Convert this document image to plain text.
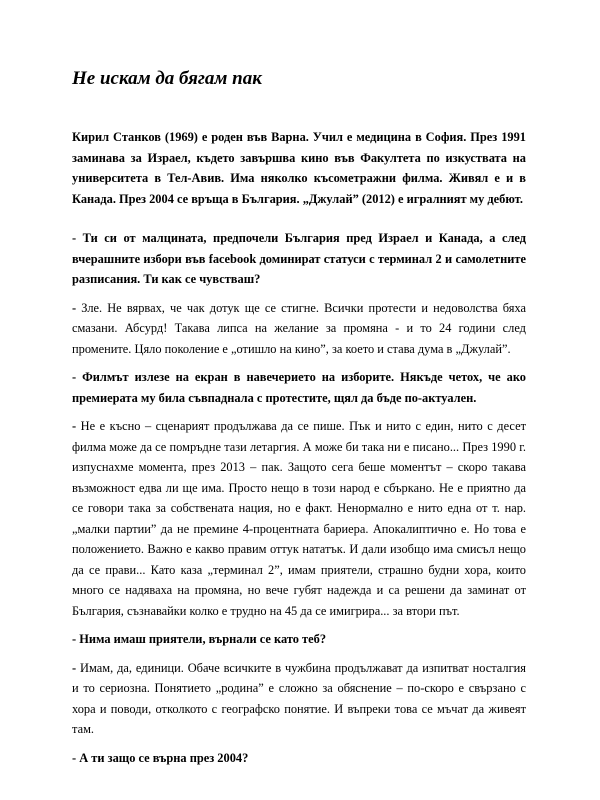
Не искам да бягам пак

Кирил Станков (1969) е роден във Варна. Учил е медицина в София. През 1991 заминава за Израел, където завършва кино във Факултета по изкуствата на университета в Тел-Авив. Има няколко късометражни филма. Живял е и в Канада. През 2004 се връща в България. „Джулай” (2012) е игралният му дебют.

- Ти си от малцината, предпочели България пред Израел и Канада, а след вчерашните избори във facebook доминират статуси с терминал 2 и самолетните разписания. Ти как се чувстваш?

- Зле. Не вярвах, че чак дотук ще се стигне. Всички протести и недоволства бяха смазани. Абсурд! Такава липса на желание за промяна - и то 24 години след промените. Цяло поколение е „отишло на кино”, за което и става дума в „Джулай”.

- Филмът излезе на екран в навечерието на изборите. Някъде четох, че ако премиерата му била съвпаднала с протестите, щял да бъде по-актуален.

- Не е късно – сценарият продължава да се пише. Пък и нито с един, нито с десет филма може да се помръдне тази летаргия. А може би така ни е писано... През 1990 г. изпуснахме момента, през 2013 – пак. Защото сега беше моментът – скоро такава възможност едва ли ще има. Просто нещо в този народ е сбъркано. Не е приятно да се говори така за собствената нация, но е факт. Ненормално е нито една от т. нар. „малки партии” да не премине 4-процентната бариера. Апокалиптично е. Но това е положението. Важно е какво правим оттук нататък. И дали изобщо има смисъл нещо да се прави... Като каза „терминал 2”, имам приятели, страшно будни хора, които много се надяваха на промяна, но вече губят надежда и са решени да заминат от България, съзнавайки колко е трудно на 45 да се имигрира... за втори път.

- Нима имаш приятели, върнали се като теб?

- Имам, да, единици. Обаче всичките в чужбина продължават да изпитват носталгия и то сериозна. Понятието „родина” е сложно за обяснение – по-скоро е свързано с хора и поводи, отколкото с географско понятие. И въпреки това се мъчат да живеят там.

- А ти защо се върна през 2004?
